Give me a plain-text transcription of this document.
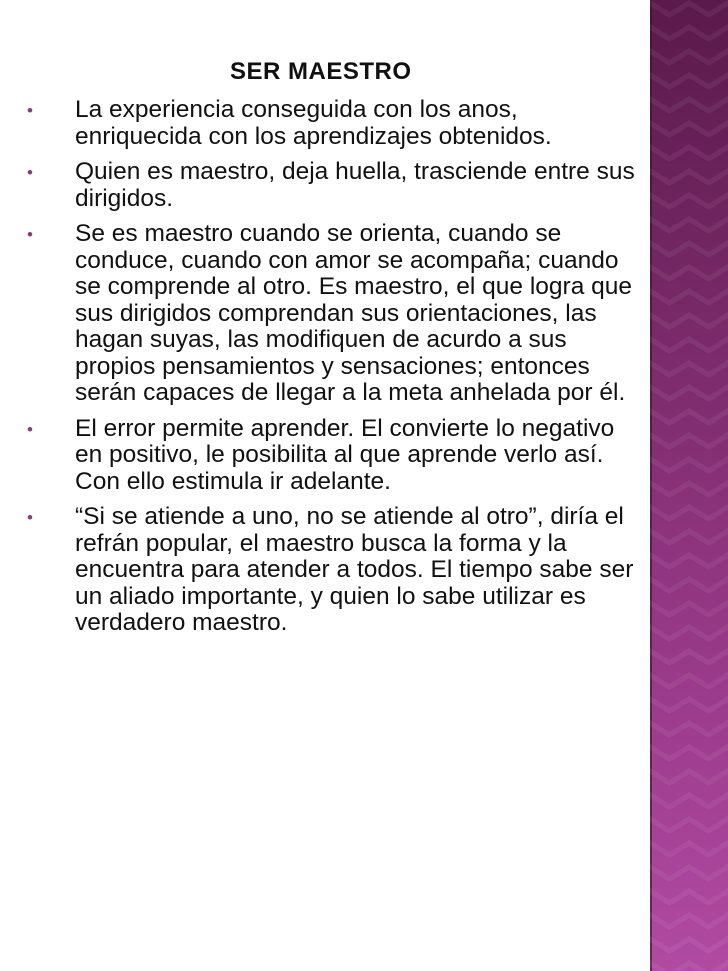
SER MAESTRO
• La experiencia conseguida con los anos, enriquecida con los aprendizajes obtenidos.
• Quien es maestro, deja huella, trasciende entre sus dirigidos.
• Se es maestro cuando se orienta, cuando se conduce, cuando con amor se acompaña; cuando se comprende al otro. Es maestro, el que logra que sus dirigidos comprendan sus orientaciones, las hagan suyas, las modifiquen de acurdo a sus propios pensamientos y sensaciones; entonces serán capaces de llegar a la meta anhelada por él.
• El error permite aprender. El convierte lo negativo en positivo, le posibilita al que aprende verlo así. Con ello estimula ir adelante.
• “Si se atiende a uno, no se atiende al otro”, diría el refrán popular, el maestro busca la forma y la encuentra para atender a todos. El tiempo sabe ser un aliado importante, y quien lo sabe utilizar es verdadero maestro.
